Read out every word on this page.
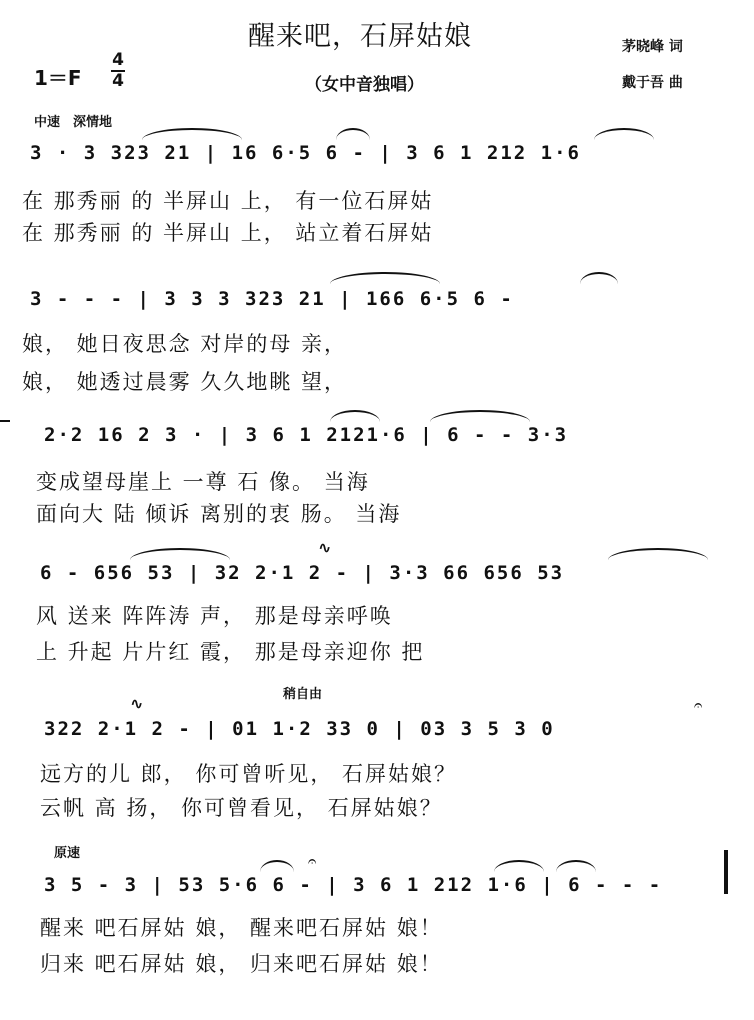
醒来吧，石屏姑娘	茅晓峰 词
戴于吾 曲
（女中音独唱）
1＝F
4
4
中速　深情地
稍自由
原速
3 · 3 323 21 | 16 6·5 6 - | 3 6 1 212 1·6
在 那秀丽 的 半屏山 上， 有一位石屏姑
在 那秀丽 的 半屏山 上， 站立着石屏姑
3 - - - | 3 3 3 323 21 | 166 6·5 6 -
娘， 她日夜思念 对岸的母 亲，
娘， 她透过晨雾 久久地眺 望，
2·2 16 2 3 · | 3 6 1 2121·6 | 6 - - 3·3
变成望母崖上 一尊 石 像。 当海
面向大 陆 倾诉 离别的衷 肠。 当海
6 - 656 53 | 32 2·1 2 - | 3·3 66 656 53
风 送来 阵阵涛 声， 那是母亲呼唤
上 升起 片片红 霞， 那是母亲迎你 把
∿
322 2·1 2 - | 01 1·2 33 0 | 03 3 5 3 0
远方的儿 郎， 你可曾听见， 石屏姑娘？
云帆 高 扬， 你可曾看见， 石屏姑娘？
∿	𝄐
3 5 - 3 | 53 5·6 6 - | 3 6 1 212 1·6 | 6 - - -
醒来 吧石屏姑 娘， 醒来吧石屏姑 娘！
归来 吧石屏姑 娘， 归来吧石屏姑 娘！
𝄐
